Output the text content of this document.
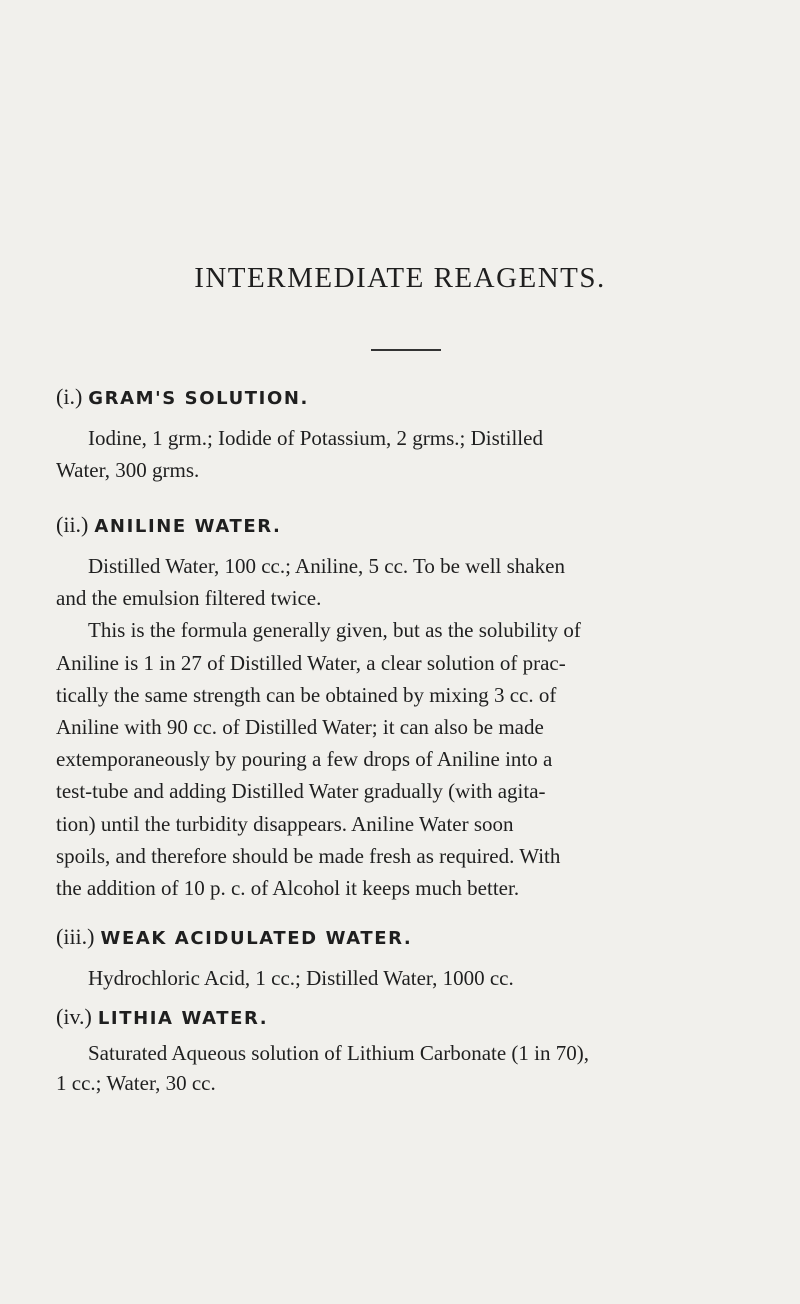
INTERMEDIATE REAGENTS.
(i.) GRAM'S SOLUTION.
Iodine, 1 grm.; Iodide of Potassium, 2 grms.; Distilled
Water, 300 grms.
(ii.) ANILINE WATER.
Distilled Water, 100 cc.; Aniline, 5 cc. To be well shaken
and the emulsion filtered twice.
This is the formula generally given, but as the solubility of
Aniline is 1 in 27 of Distilled Water, a clear solution of prac-
tically the same strength can be obtained by mixing 3 cc. of
Aniline with 90 cc. of Distilled Water; it can also be made
extemporaneously by pouring a few drops of Aniline into a
test-tube and adding Distilled Water gradually (with agita-
tion) until the turbidity disappears. Aniline Water soon
spoils, and therefore should be made fresh as required. With
the addition of 10 p. c. of Alcohol it keeps much better.
(iii.) WEAK ACIDULATED WATER.
Hydrochloric Acid, 1 cc.; Distilled Water, 1000 cc.
(iv.) LITHIA WATER.
Saturated Aqueous solution of Lithium Carbonate (1 in 70),
1 cc.; Water, 30 cc.
